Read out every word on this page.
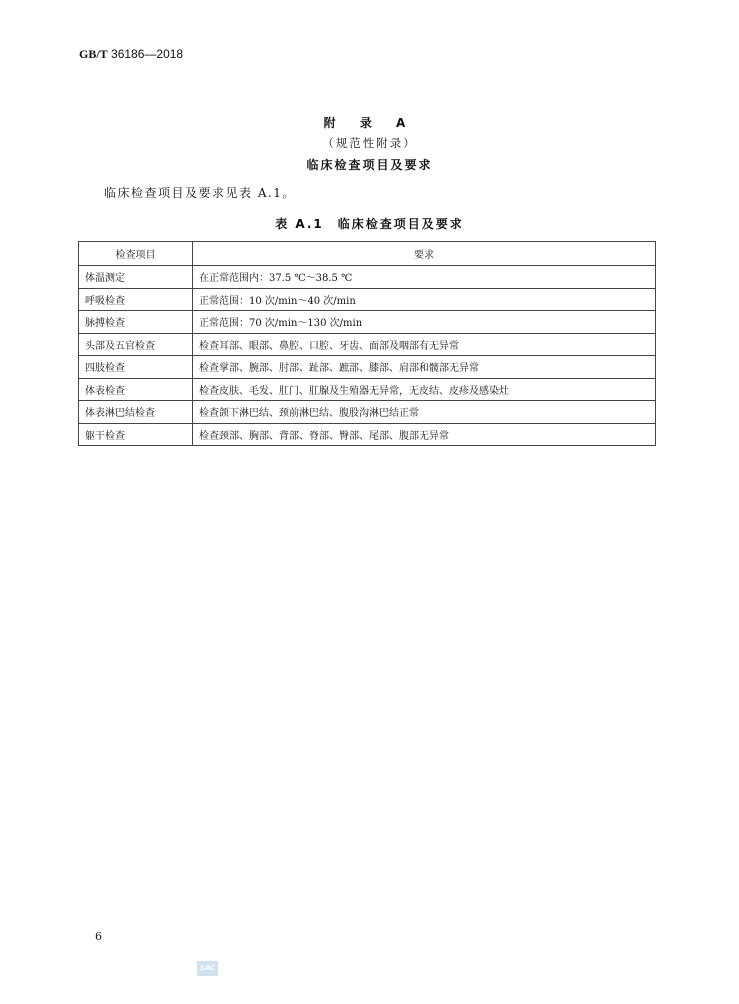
GB/T 36186—2018
附 录 A
（规范性附录）
临床检查项目及要求
临床检查项目及要求见表 A.1。
表 A.1　临床检查项目及要求
检查项目	要求
体温测定	在正常范围内：37.5 ℃～38.5 ℃
呼吸检查	正常范围：10 次/min～40 次/min
脉搏检查	正常范围：70 次/min～130 次/min
头部及五官检查	检查耳部、眼部、鼻腔、口腔、牙齿、面部及咽部有无异常
四肢检查	检查掌部、腕部、肘部、趾部、蹠部、膝部、肩部和髋部无异常
体表检查	检查皮肤、毛发、肛门、肛腺及生殖器无异常，无皮结、皮疹及感染灶
体表淋巴结检查	检查颌下淋巴结、颈前淋巴结、腹股沟淋巴结正常
躯干检查	检查颈部、胸部、背部、脊部、臀部、尾部、腹部无异常
6
SAC
